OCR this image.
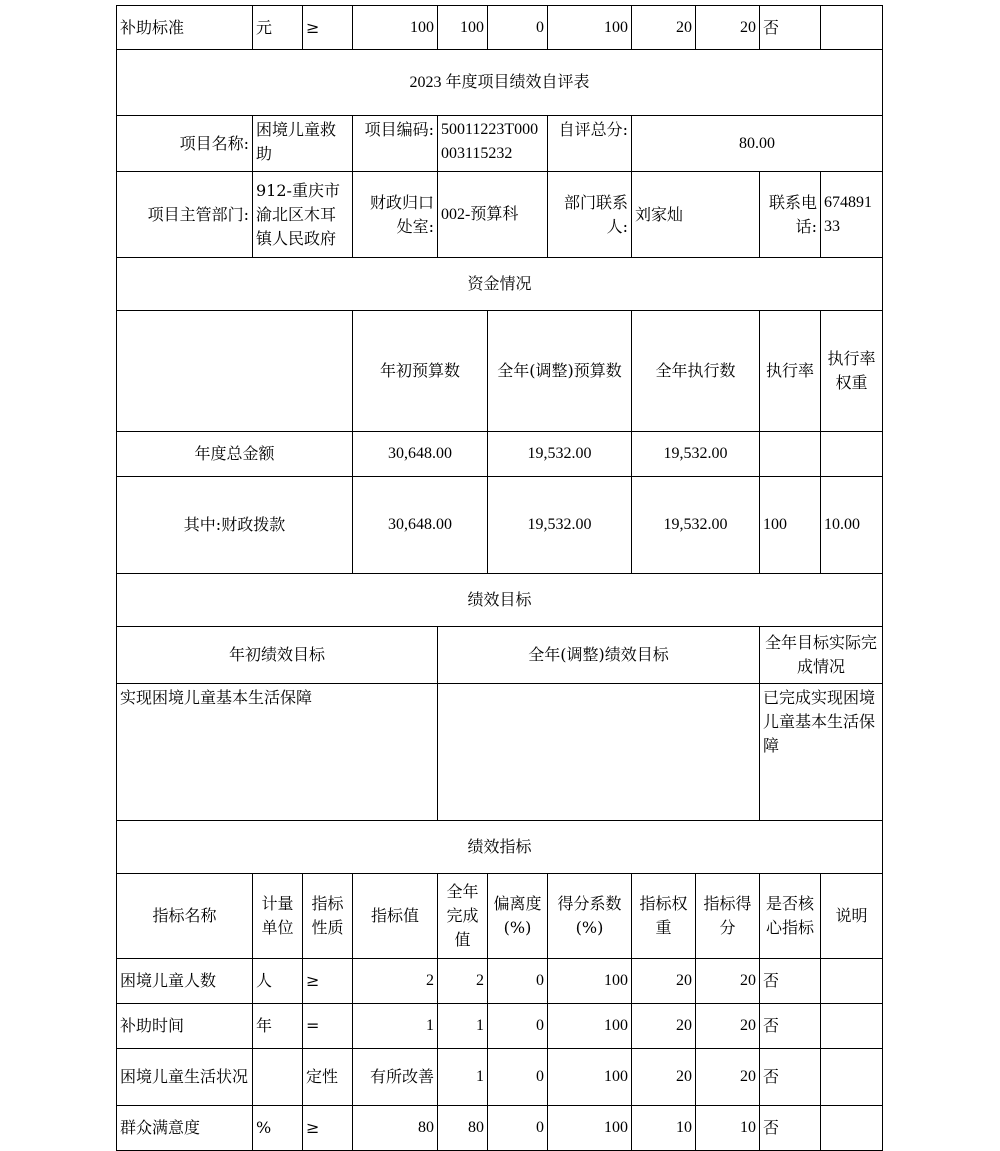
补助标准	元	≥	100	100	0	100	20	20	否		
2023 年度项目绩效自评表											
项目名称:	困境儿童救助		项目编码:	50011223T000003115232		自评总分:	80.00				
项目主管部门:	912-重庆市渝北区木耳镇人民政府		财政归口处室:	002-预算科		部门联系人:	刘家灿		联系电话:	67489133	
资金情况											
			年初预算数		全年(调整)预算数		全年执行数		执行率	执行率权重	
年度总金额			30,648.00		19,532.00		19,532.00				
其中:财政拨款			30,648.00		19,532.00		19,532.00		100	10.00	
绩效目标											
年初绩效目标				全年(调整)绩效目标					全年目标实际完成情况		
实现困境儿童基本生活保障									已完成实现困境儿童基本生活保障		
绩效指标											
指标名称	计量单位	指标性质	指标值	全年完成值	偏离度(%)	得分系数(%)	指标权重	指标得分	是否核心指标	说明	
困境儿童人数	人	≥	2	2	0	100	20	20	否		
补助时间	年	=	1	1	0	100	20	20	否		
困境儿童生活状况		定性	有所改善	1	0	100	20	20	否		
群众满意度	%	≥	80	80	0	100	10	10	否		
